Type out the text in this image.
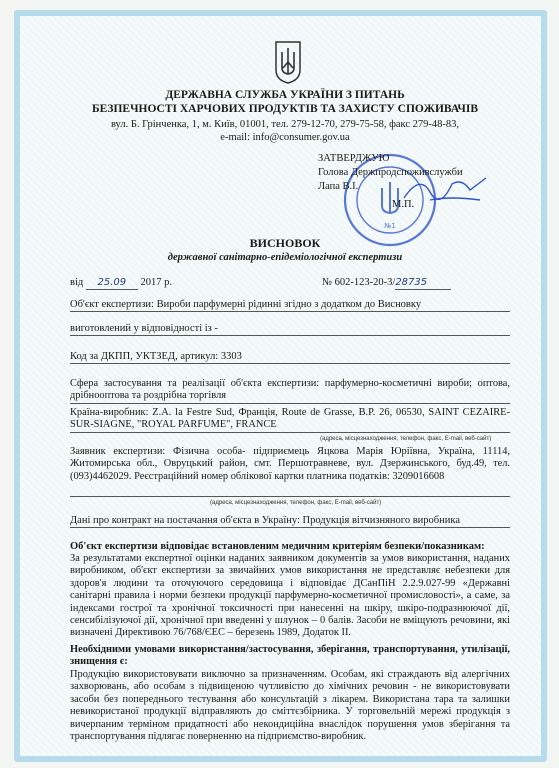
ДЕРЖАВНА СЛУЖБА УКРАЇНИ З ПИТАНЬ
БЕЗПЕЧНОСТІ ХАРЧОВИХ ПРОДУКТІВ ТА ЗАХИСТУ СПОЖИВАЧІВ
вул. Б. Грінченка, 1, м. Київ, 01001, тел. 279-12-70, 279-75-58, факс 279-48-83,
e-mail: info@consumer.gov.ua
№1
ЗАТВЕРДЖУЮ
Голова Держпродспоживслужби
Лапа В.І.
М.П.
ВИСНОВОК
державної санітарно-епідеміологічної експертизи
від 25.09 2017 р.	№ 602-123-20-3/28735
Об'єкт експертизи: Вироби парфумерні рідинні згідно з додатком до Висновку
виготовлений у відповідності із -
Код за ДКПП, УКТЗЕД, артикул: 3303
Сфера застосування та реалізації об'єкта експертизи: парфумерно-косметичні вироби; оптова, дрібнооптова та роздрібна торгівля
Країна-виробник: Z.A. la Festre Sud, Франція, Route de Grasse, B.P. 26, 06530, SAINT CEZAIRE-SUR-SIAGNE, "ROYAL PARFUME", FRANCE
(адреса, місцезнаходження, телефон, факс, E-mail, веб-сайт)
Заявник експертизи: Фізична особа- підприємець Яцкова Марія Юріївна, Україна, 11114, Житомирська обл., Овруцький район, смт. Першотравневе, вул. Дзержинського, буд.49, тел. (093)4462029. Реєстраційний номер облікової картки платника податків: 3209016608
(адреса, місцезнаходження, телефон, факс, E-mail, веб-сайт)
Дані про контракт на постачання об'єкта в Україну: Продукція вітчизняного виробника
Об'єкт експертизи відповідає встановленим медичним критеріям безпеки/показникам:
За результатами експертної оцінки наданих заявником документів за умов використання, наданих виробником, об'єкт експертизи за звичайних умов використання не представляє небезпеки для здоров'я людини та оточуючого середовища і відповідає ДСанПіН 2.2.9.027-99 «Державні санітарні правила і норми безпеки продукції парфумерно-косметичної промисловості», а саме, за індексами гострої та хронічної токсичності при нанесенні на шкіру, шкіро-подразнюючої дії, сенсибілізуючої дії, хронічної при введенні у шлунок – 0 балів. Засоби не вміщують речовини, які визначені Директивою 76/768/ЄЕС – березень 1989, Додаток II.
Необхідними умовами використання/застосування, зберігання, транспортування, утилізації, знищення є:
Продукцію використовувати виключно за призначенням. Особам, які страждають від алергічних захворювань, або особам з підвищеною чутливістю до хімічних речовин - не використовувати засоби без попереднього тестування або консультацій з лікарем. Використана тара та залишки невикористаної продукції відправляють до сміттєзбірника. У торговельній мережі продукція з вичерпаним терміном придатності або некондиційна внаслідок порушення умов зберігання та транспортування підлягає поверненню на підприємство-виробник.
